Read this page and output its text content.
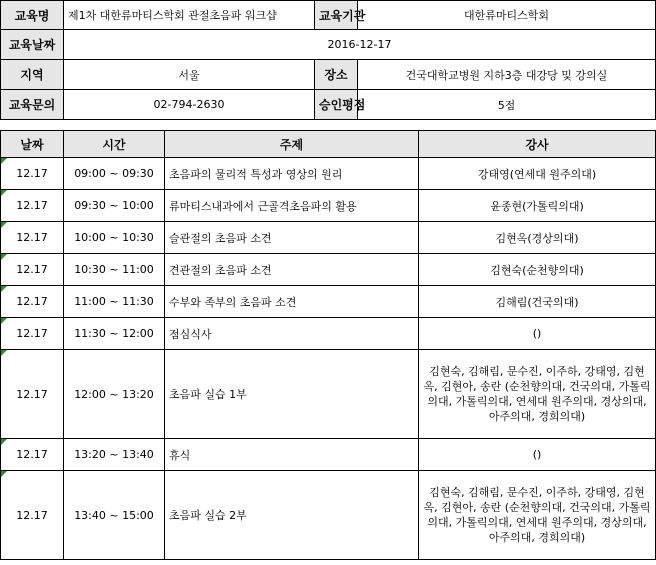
교육명	제1차 대한류마티스학회 관절초음파 워크샵	교육기관	대한류마티스학회
교육날짜	2016-12-17		
지역	서울	장소	건국대학교병원 지하3층 대강당 및 강의실
교육문의	02-794-2630	승인평점	5점
날짜	시간	주제	강사

12.17	09:00 ~ 09:30	초음파의 물리적 특성과 영상의 원리	강태영(연세대 원주의대)

12.17	09:30 ~ 10:00	류마티스내과에서 근골격초음파의 활용	윤종현(가톨릭의대)

12.17	10:00 ~ 10:30	슬관절의 초음파 소견	김현옥(경상의대)

12.17	10:30 ~ 11:00	견관절의 초음파 소견	김현숙(순천향의대)

12.17	11:00 ~ 11:30	수부와 족부의 초음파 소견	김해림(건국의대)

12.17	11:30 ~ 12:00	점심식사	()

12.17	12:00 ~ 13:20	초음파 실습 1부	김현숙, 김해림, 문수진, 이주하, 강태영, 김현옥, 김현아, 송란 (순천향의대, 건국의대, 가톨릭의대, 가톨릭의대, 연세대 원주의대, 경상의대, 아주의대, 경희의대)

12.17	13:20 ~ 13:40	휴식	()

12.17	13:40 ~ 15:00	초음파 실습 2부	김현숙, 김해림, 문수진, 이주하, 강태영, 김현옥, 김현아, 송란 (순천향의대, 건국의대, 가톨릭의대, 가톨릭의대, 연세대 원주의대, 경상의대, 아주의대, 경희의대)
